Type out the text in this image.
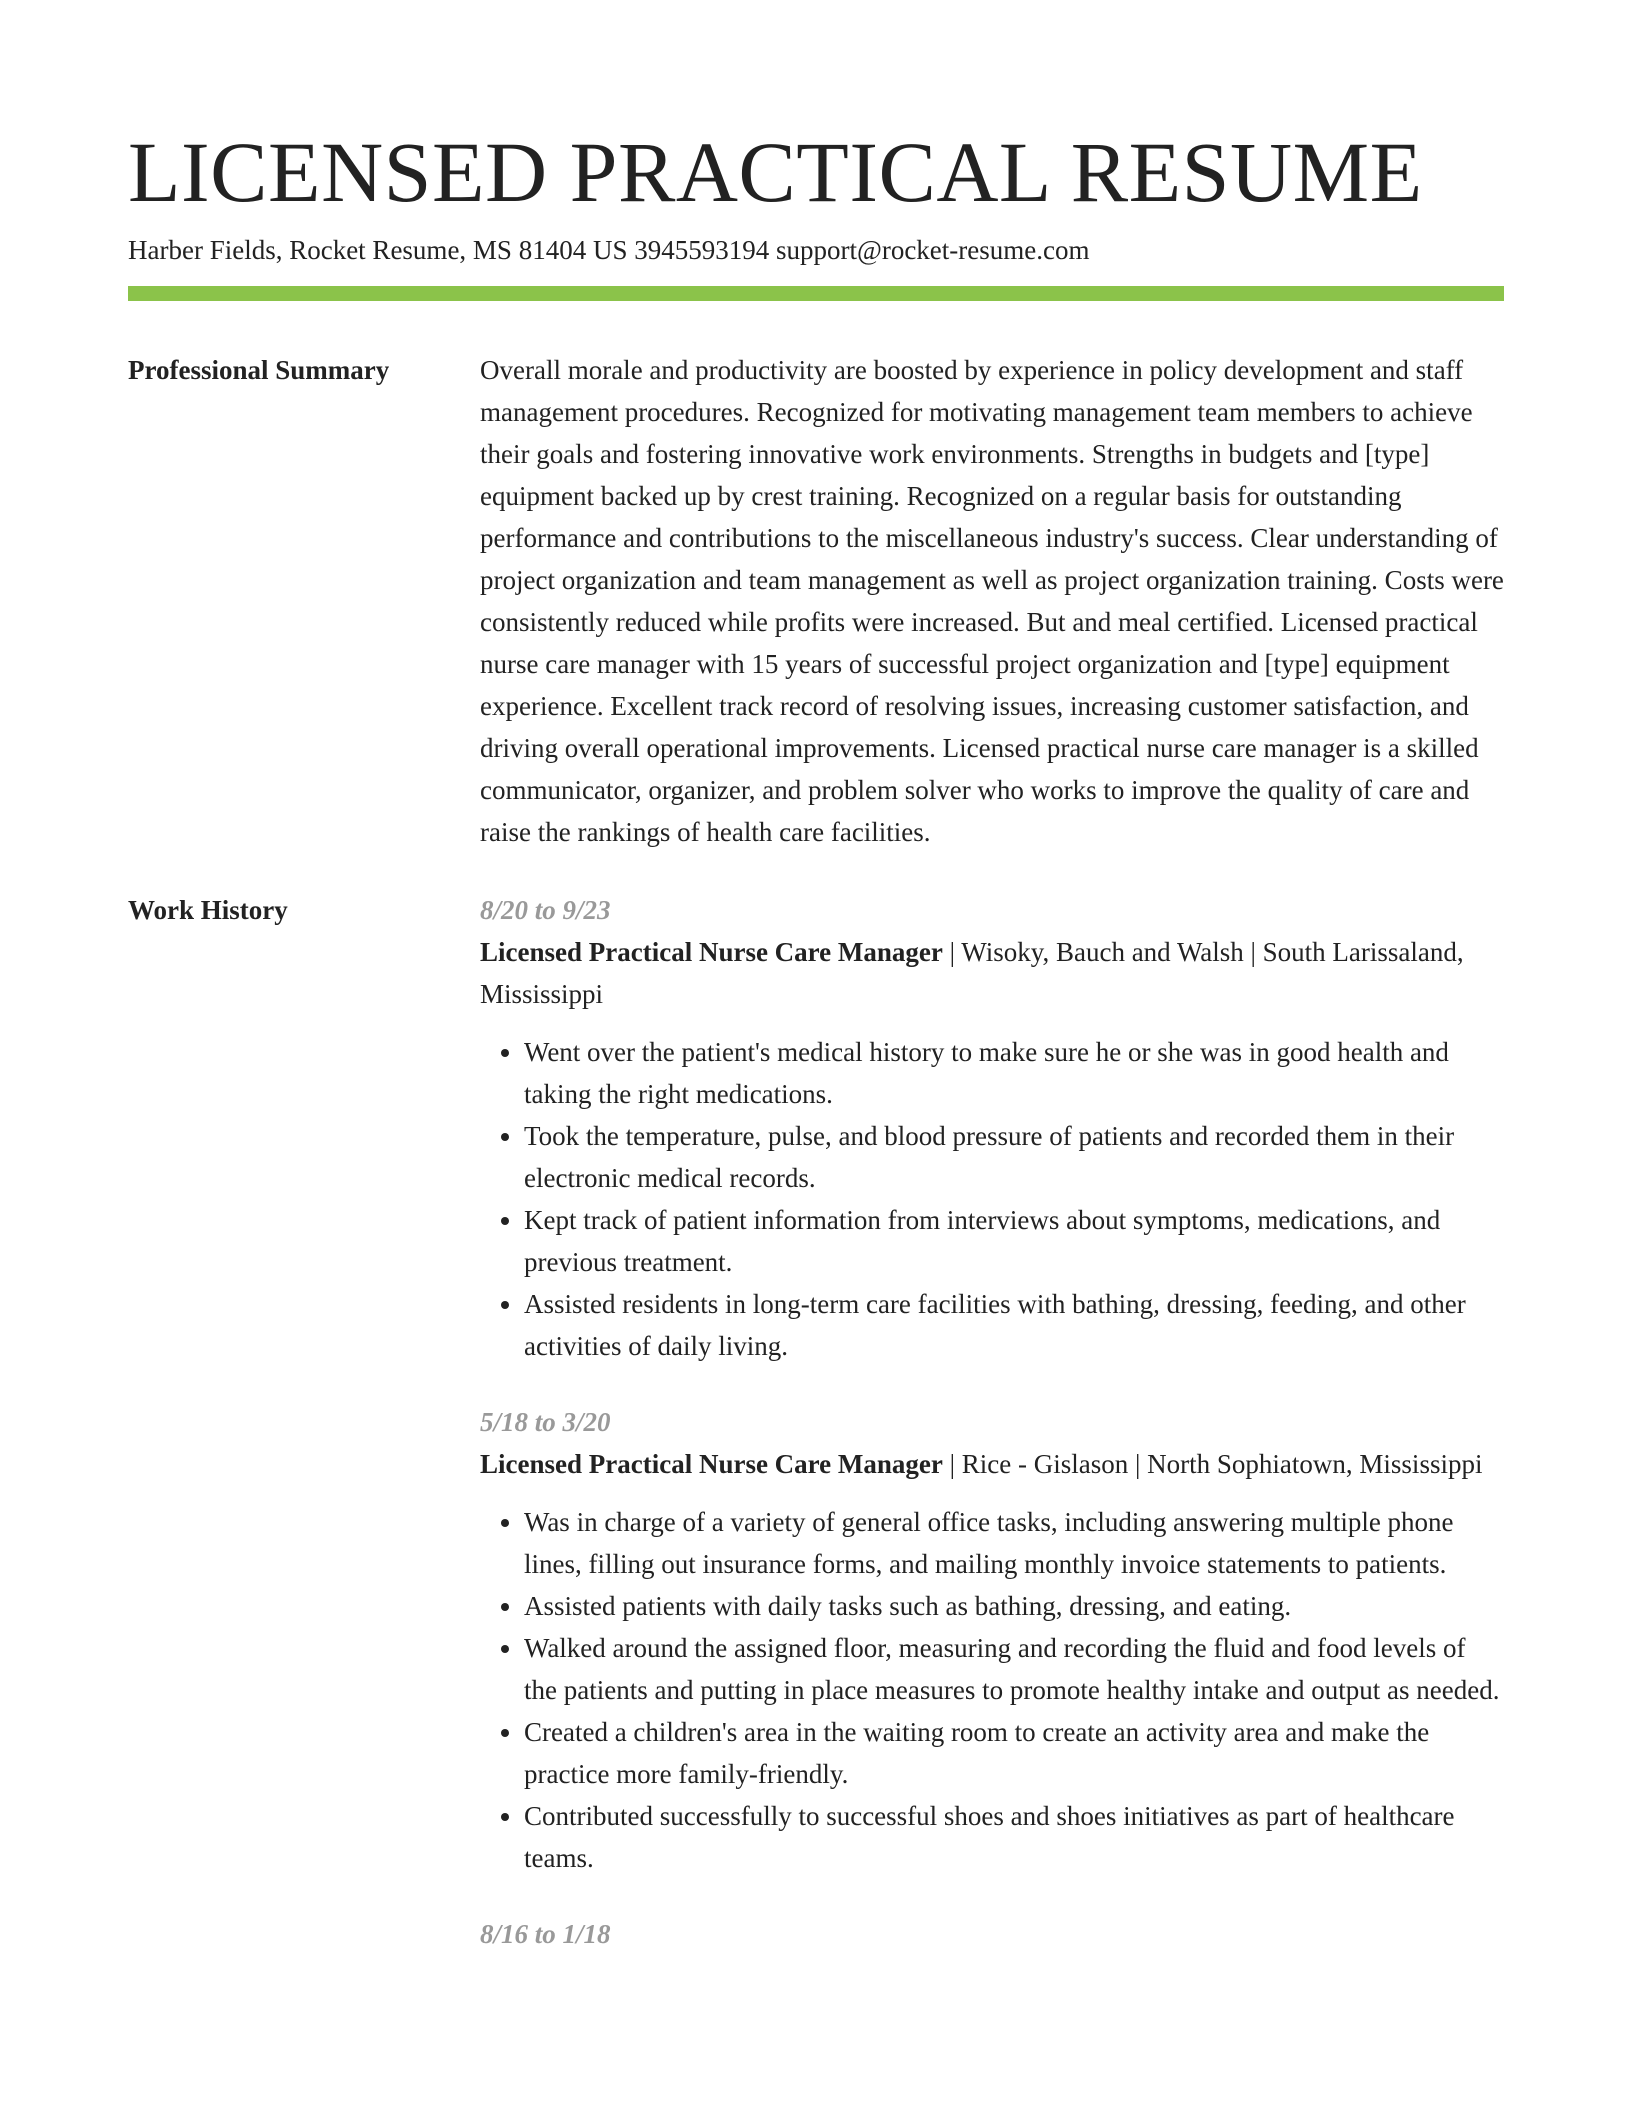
LICENSED PRACTICAL RESUME
Harber Fields, Rocket Resume, MS 81404 US 3945593194 support@rocket-resume.com
Professional Summary	Overall morale and productivity are boosted by experience in policy development and staff management procedures. Recognized for motivating management team members to achieve their goals and fostering innovative work environments. Strengths in budgets and [type] equipment backed up by crest training. Recognized on a regular basis for outstanding performance and contributions to the miscellaneous industry's success. Clear understanding of project organization and team management as well as project organization training. Costs were consistently reduced while profits were increased. But and meal certified. Licensed practical nurse care manager with 15 years of successful project organization and [type] equipment experience. Excellent track record of resolving issues, increasing customer satisfaction, and driving overall operational improvements. Licensed practical nurse care manager is a skilled communicator, organizer, and problem solver who works to improve the quality of care and raise the rankings of health care facilities.

Work History	8/20 to 9/23
Licensed Practical Nurse Care Manager | Wisoky, Bauch and Walsh | South Larissaland, Mississippi
• Went over the patient's medical history to make sure he or she was in good health and taking the right medications.
• Took the temperature, pulse, and blood pressure of patients and recorded them in their electronic medical records.
• Kept track of patient information from interviews about symptoms, medications, and previous treatment.
• Assisted residents in long-term care facilities with bathing, dressing, feeding, and other activities of daily living.
5/18 to 3/20
Licensed Practical Nurse Care Manager | Rice - Gislason | North Sophiatown, Mississippi
• Was in charge of a variety of general office tasks, including answering multiple phone lines, filling out insurance forms, and mailing monthly invoice statements to patients.
• Assisted patients with daily tasks such as bathing, dressing, and eating.
• Walked around the assigned floor, measuring and recording the fluid and food levels of the patients and putting in place measures to promote healthy intake and output as needed.
• Created a children's area in the waiting room to create an activity area and make the practice more family-friendly.
• Contributed successfully to successful shoes and shoes initiatives as part of healthcare teams.
8/16 to 1/18
